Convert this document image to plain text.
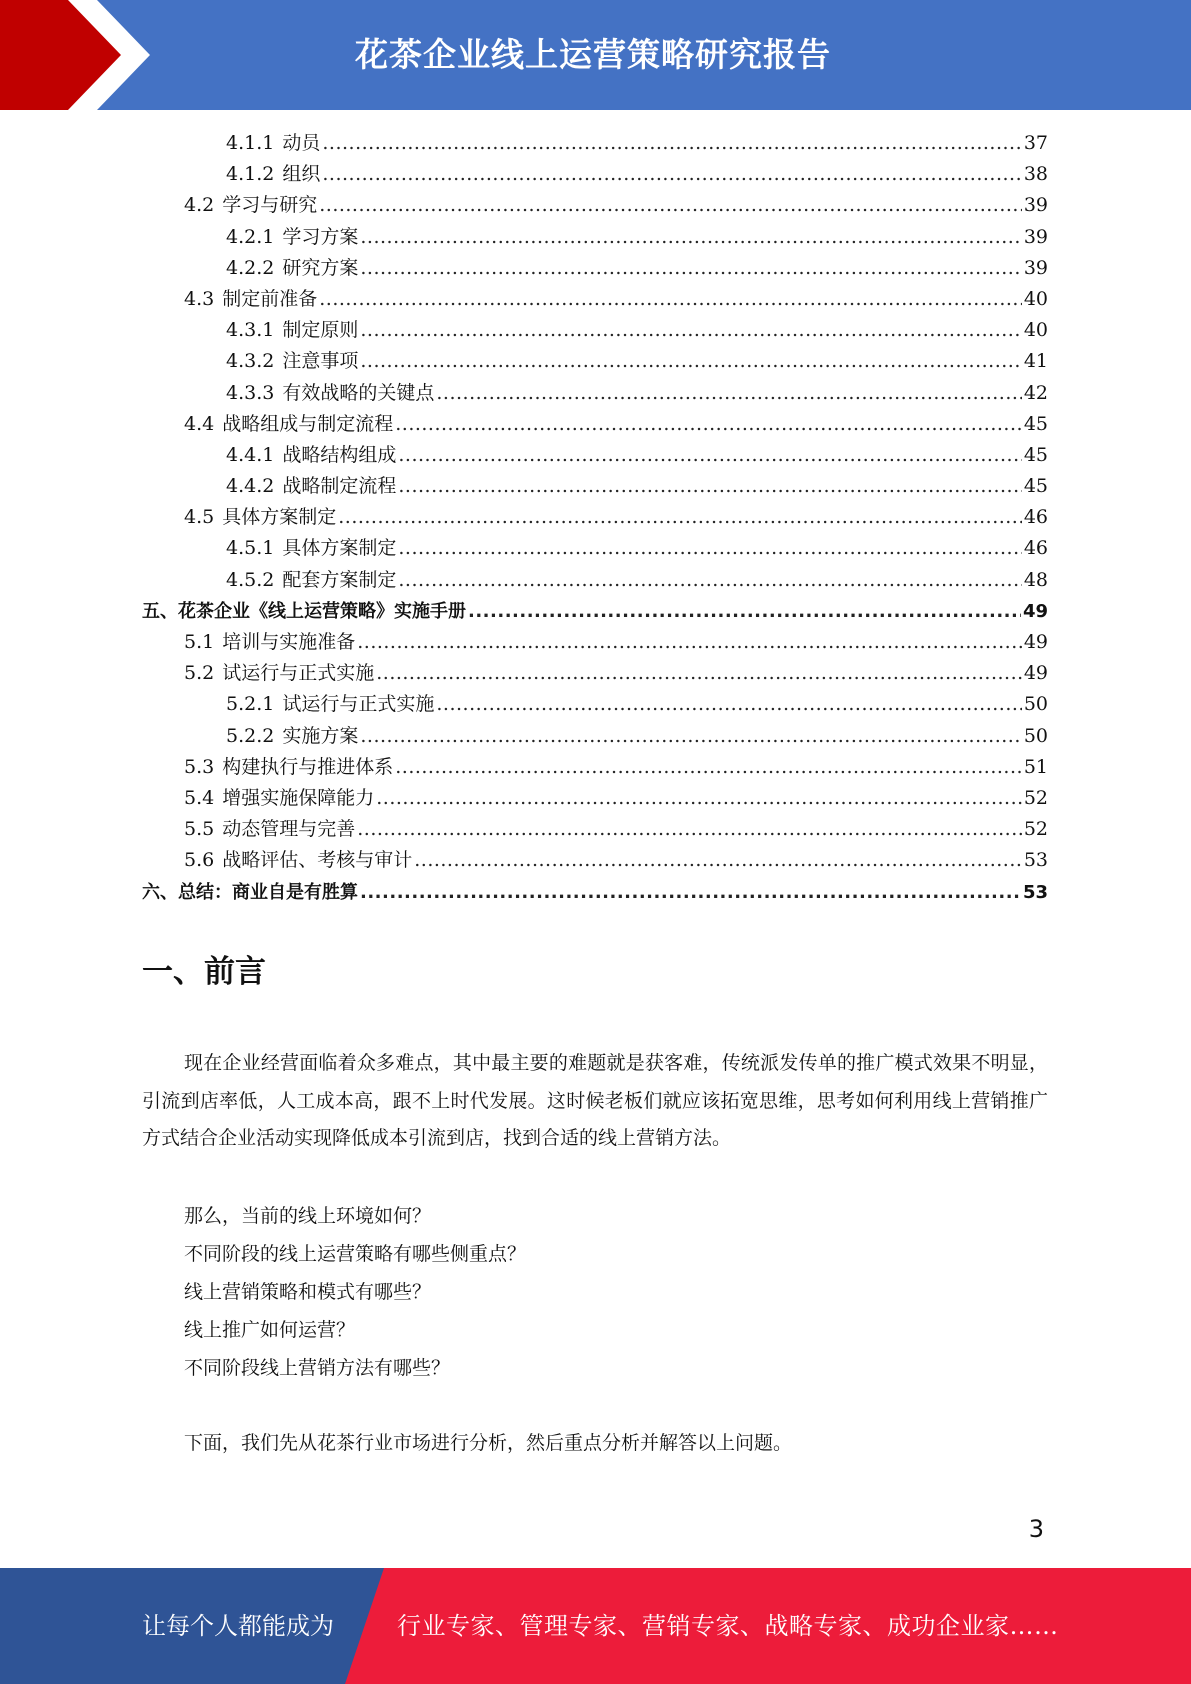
花茶企业线上运营策略研究报告
4.1.1 动员 .....	37
4.1.2 组织 .....	38
4.2 学习与研究 .....	39
4.2.1 学习方案 .....	39
4.2.2 研究方案 .....	39
4.3 制定前准备 .....	40
4.3.1 制定原则 .....	40
4.3.2 注意事项 .....	41
4.3.3 有效战略的关键点 .....	42
4.4 战略组成与制定流程 .....	45
4.4.1 战略结构组成 .....	45
4.4.2 战略制定流程 .....	45
4.5 具体方案制定 .....	46
4.5.1 具体方案制定 .....	46
4.5.2 配套方案制定 .....	48
五、花茶企业《线上运营策略》实施手册 .....	49
5.1 培训与实施准备 .....	49
5.2 试运行与正式实施 .....	49
5.2.1 试运行与正式实施 .....	50
5.2.2 实施方案 .....	50
5.3 构建执行与推进体系 .....	51
5.4 增强实施保障能力 .....	52
5.5 动态管理与完善 .....	52
5.6 战略评估、考核与审计 .....	53
六、总结：商业自是有胜算 .....	53
一、前言
现在企业经营面临着众多难点，其中最主要的难题就是获客难，传统派发传单的推广模式效果不明显，引流到店率低，人工成本高，跟不上时代发展。这时候老板们就应该拓宽思维，思考如何利用线上营销推广方式结合企业活动实现降低成本引流到店，找到合适的线上营销方法。
那么，当前的线上环境如何？
不同阶段的线上运营策略有哪些侧重点？
线上营销策略和模式有哪些？
线上推广如何运营？
不同阶段线上营销方法有哪些？
下面，我们先从花茶行业市场进行分析，然后重点分析并解答以上问题。
3
让每个人都能成为	行业专家、管理专家、营销专家、战略专家、成功企业家……
